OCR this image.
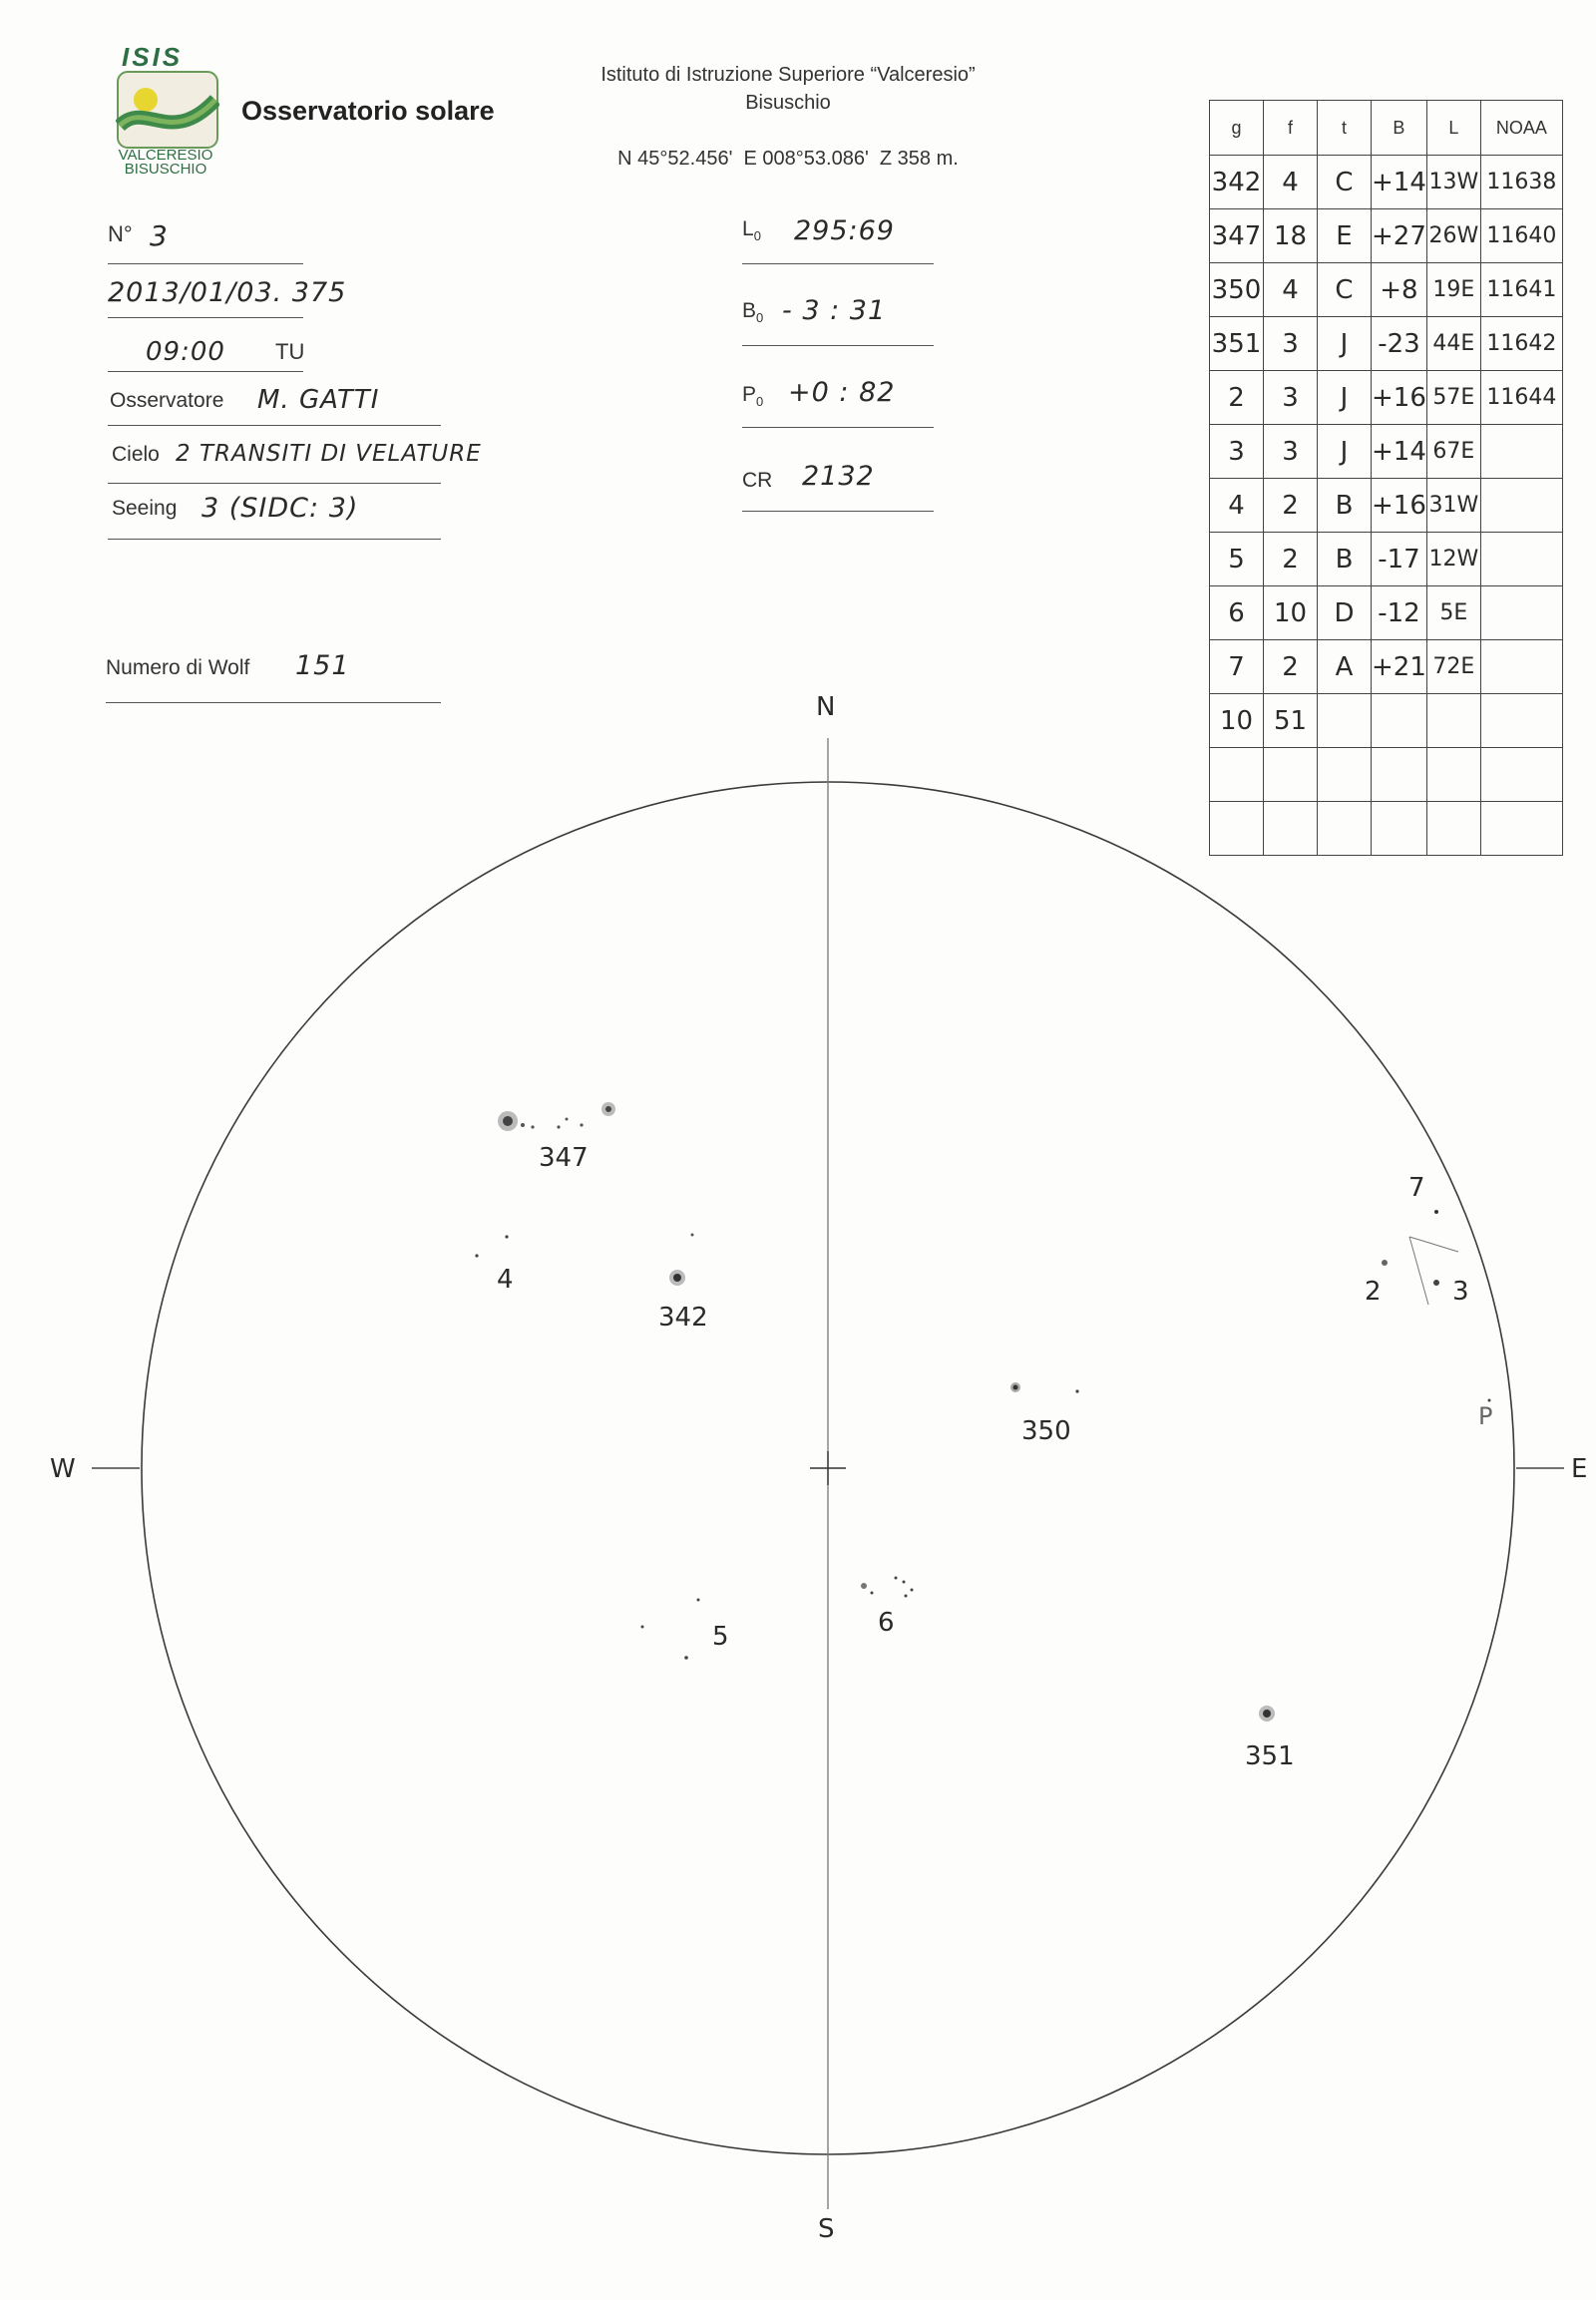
ISIS
VALCERESIO
BISUSCHIO
Osservatorio solare
Istituto di Istruzione Superiore “Valceresio”
Bisuschio
N 45°52.456'  E 008°53.086'  Z 358 m.
N° 3
2013/01/03. 375
09:00 TU
Osservatore M. GATTI
Cielo 2 TRANSITI DI VELATURE
Seeing 3 (SIDC: 3)
Numero di Wolf 151
$L_0$ 295:69
$B_0 - 3$ : 31
$P_0 +0$ : 82
CR 2132
g	f	t	B	L	NOAA
342	4	C	+14	13W	11638
347	18	E	+27	26W	11640
350	4	C	+8	19E	11641
351	3	J	-23	44E	11642
2	3	J	+16	57E	11644
3	3	J	+14	67E	
4	2	B	+16	31W	
5	2	B	-17	12W	
6	10	D	-12	5E	
7	2	A	+21	72E	
10	51				

N
S
W	E
P
347
4
342
350
7
2	3
5	6
351
